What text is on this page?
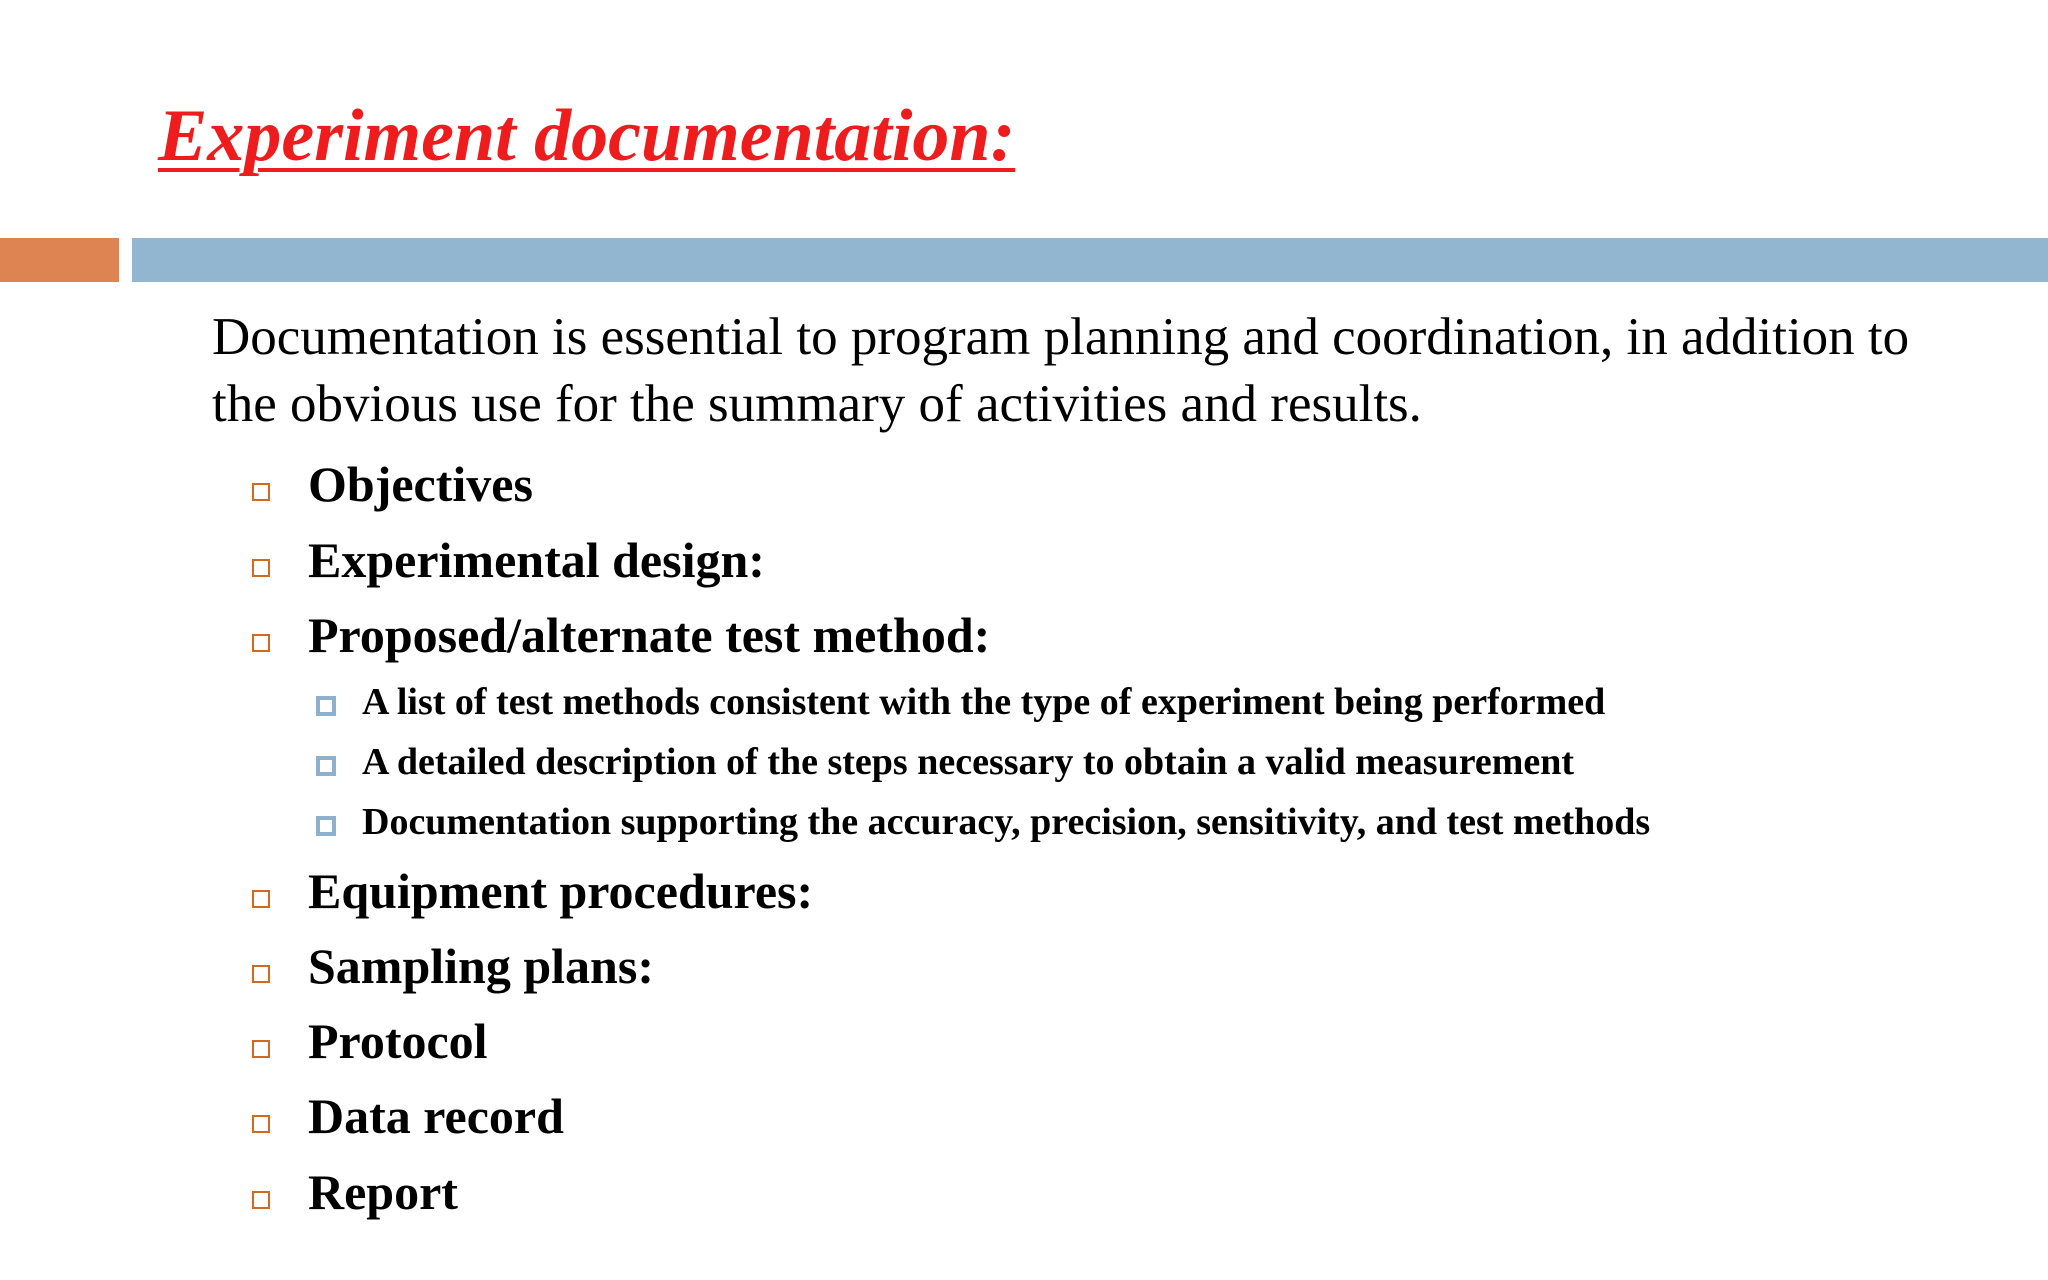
Experiment documentation:

Documentation is essential to program planning and coordination, in addition to the obvious use for the summary of activities and results.

Objectives
Experimental design:
Proposed/alternate test method:
A list of test methods consistent with the type of experiment being performed
A detailed description of the steps necessary to obtain a valid measurement
Documentation supporting the accuracy, precision, sensitivity, and test methods
Equipment procedures:
Sampling plans:
Protocol
Data record
Report
